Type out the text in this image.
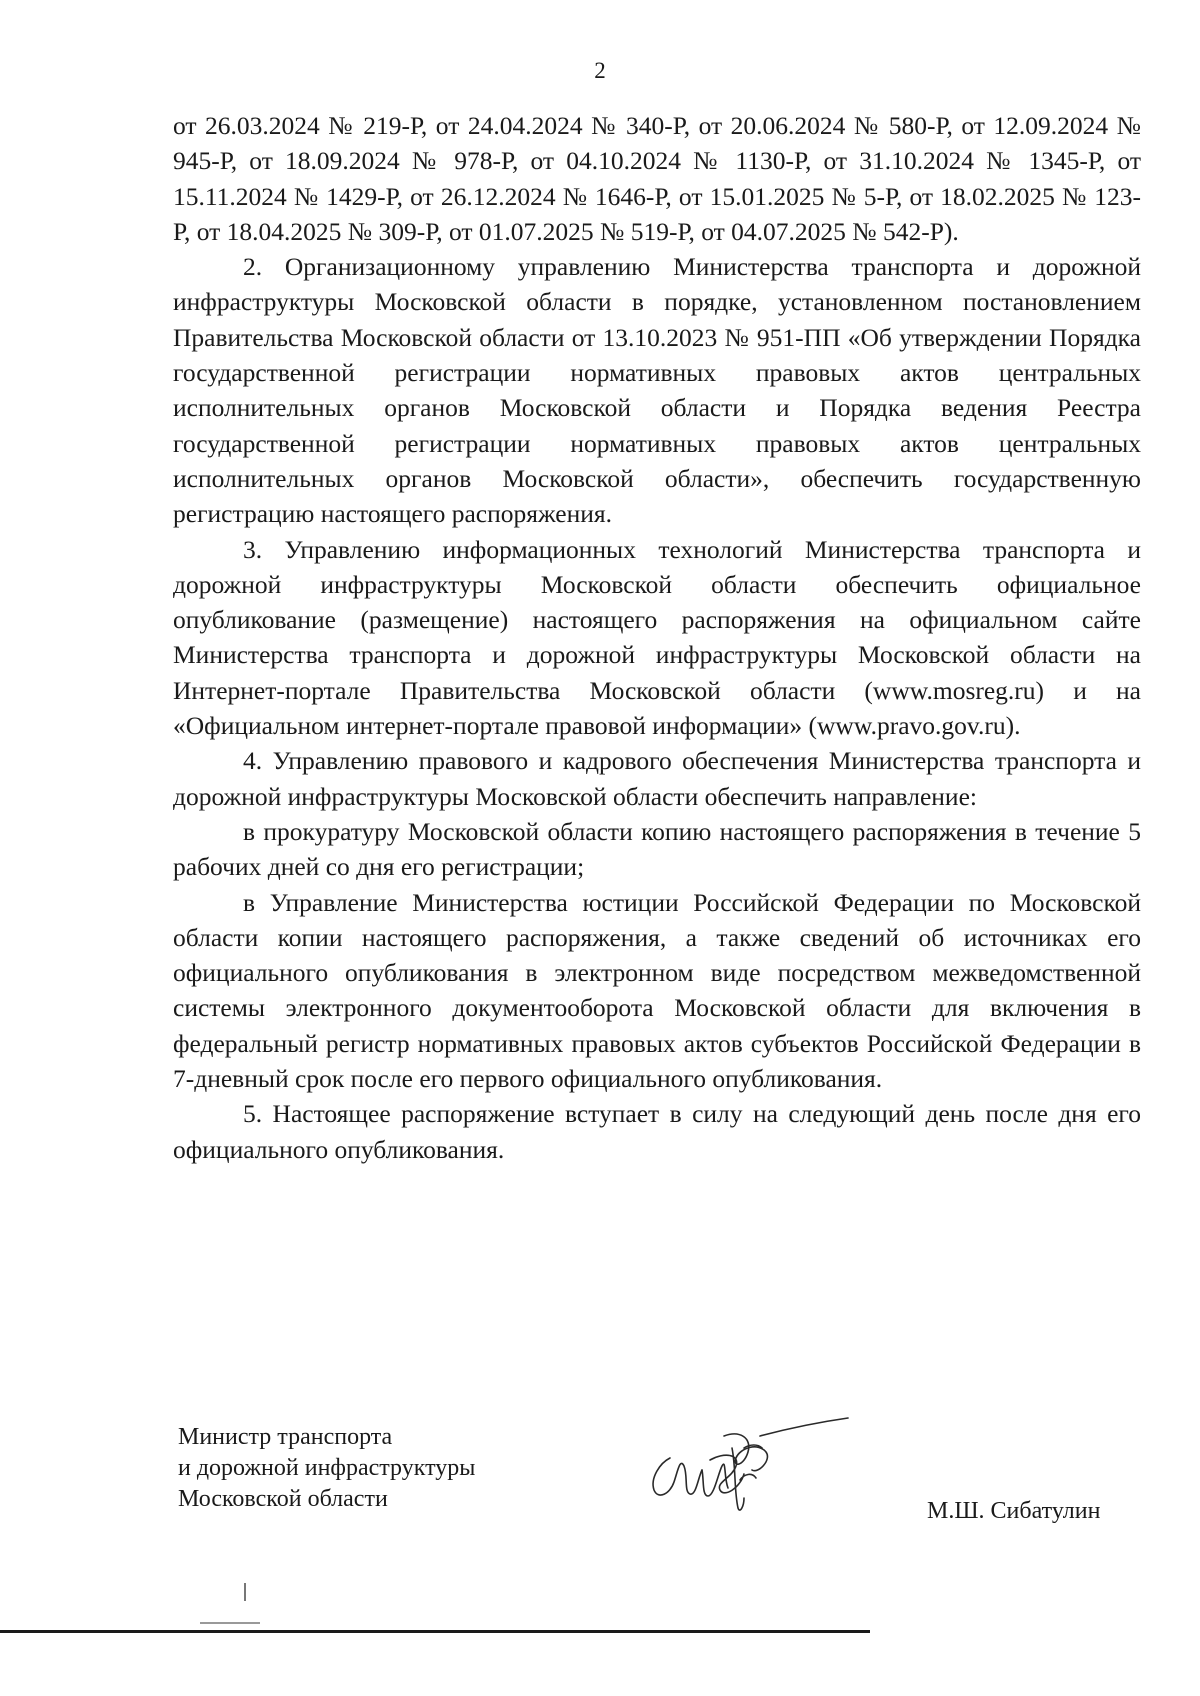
2

от 26.03.2024 № 219-Р, от 24.04.2024 № 340-Р, от 20.06.2024 № 580-Р, от 12.09.2024 № 945-Р, от 18.09.2024 № 978-Р, от 04.10.2024 № 1130-Р, от 31.10.2024 № 1345-Р, от 15.11.2024 № 1429-Р, от 26.12.2024 № 1646-Р, от 15.01.2025 № 5-Р, от 18.02.2025 № 123-Р, от 18.04.2025 № 309-Р, от 01.07.2025 № 519-Р, от 04.07.2025 № 542-Р).

2. Организационному управлению Министерства транспорта и дорожной инфраструктуры Московской области в порядке, установленном постановлением Правительства Московской области от 13.10.2023 № 951-ПП «Об утверждении Порядка государственной регистрации нормативных правовых актов центральных исполнительных органов Московской области и Порядка ведения Реестра государственной регистрации нормативных правовых актов центральных исполнительных органов Московской области», обеспечить государственную регистрацию настоящего распоряжения.

3. Управлению информационных технологий Министерства транспорта и дорожной инфраструктуры Московской области обеспечить официальное опубликование (размещение) настоящего распоряжения на официальном сайте Министерства транспорта и дорожной инфраструктуры Московской области на Интернет-портале Правительства Московской области (www.mosreg.ru) и на «Официальном интернет-портале правовой информации» (www.pravo.gov.ru).

4. Управлению правового и кадрового обеспечения Министерства транспорта и дорожной инфраструктуры Московской области обеспечить направление:

в прокуратуру Московской области копию настоящего распоряжения в течение 5 рабочих дней со дня его регистрации;

в Управление Министерства юстиции Российской Федерации по Московской области копии настоящего распоряжения, а также сведений об источниках его официального опубликования в электронном виде посредством межведомственной системы электронного документооборота Московской области для включения в федеральный регистр нормативных правовых актов субъектов Российской Федерации в 7-дневный срок после его первого официального опубликования.

5. Настоящее распоряжение вступает в силу на следующий день после дня его официального опубликования.

Министр транспорта
и дорожной инфраструктуры
Московской области	М.Ш. Сибатулин
